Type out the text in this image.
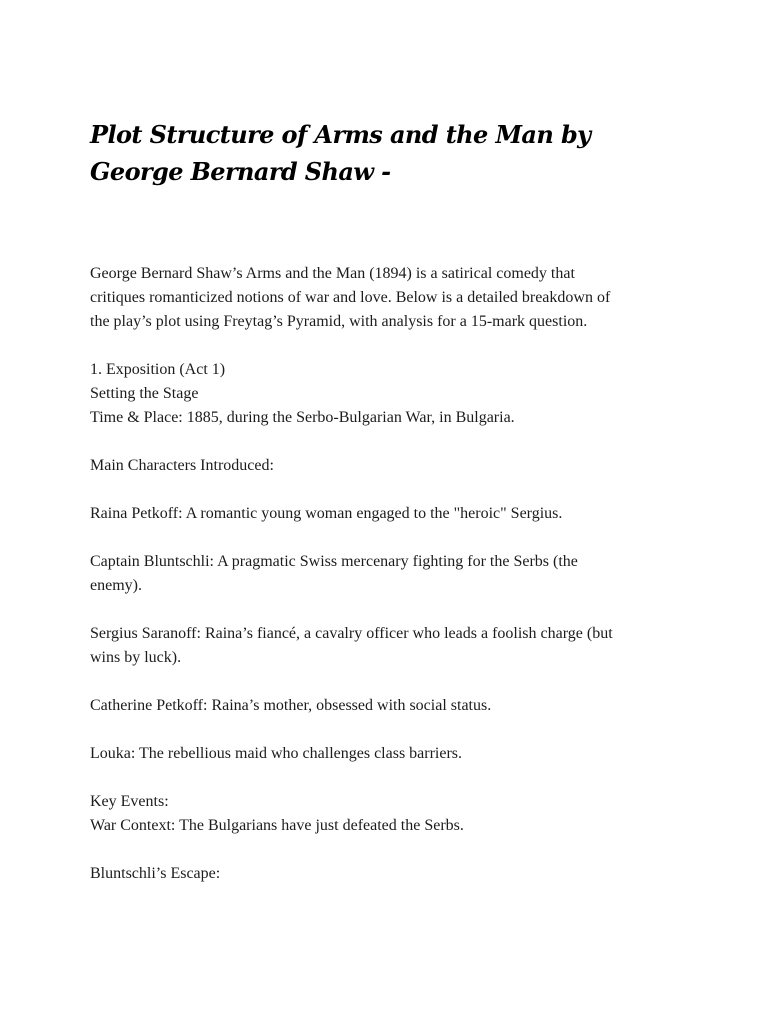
Plot Structure of Arms and the Man by George Bernard Shaw -
George Bernard Shaw’s Arms and the Man (1894) is a satirical comedy that
critiques romanticized notions of war and love. Below is a detailed breakdown of
the play’s plot using Freytag’s Pyramid, with analysis for a 15-mark question.
1. Exposition (Act 1)
Setting the Stage
Time & Place: 1885, during the Serbo-Bulgarian War, in Bulgaria.
Main Characters Introduced:
Raina Petkoff: A romantic young woman engaged to the "heroic" Sergius.
Captain Bluntschli: A pragmatic Swiss mercenary fighting for the Serbs (the
enemy).
Sergius Saranoff: Raina’s fiancé, a cavalry officer who leads a foolish charge (but
wins by luck).
Catherine Petkoff: Raina’s mother, obsessed with social status.
Louka: The rebellious maid who challenges class barriers.
Key Events:
War Context: The Bulgarians have just defeated the Serbs.
Bluntschli’s Escape:
